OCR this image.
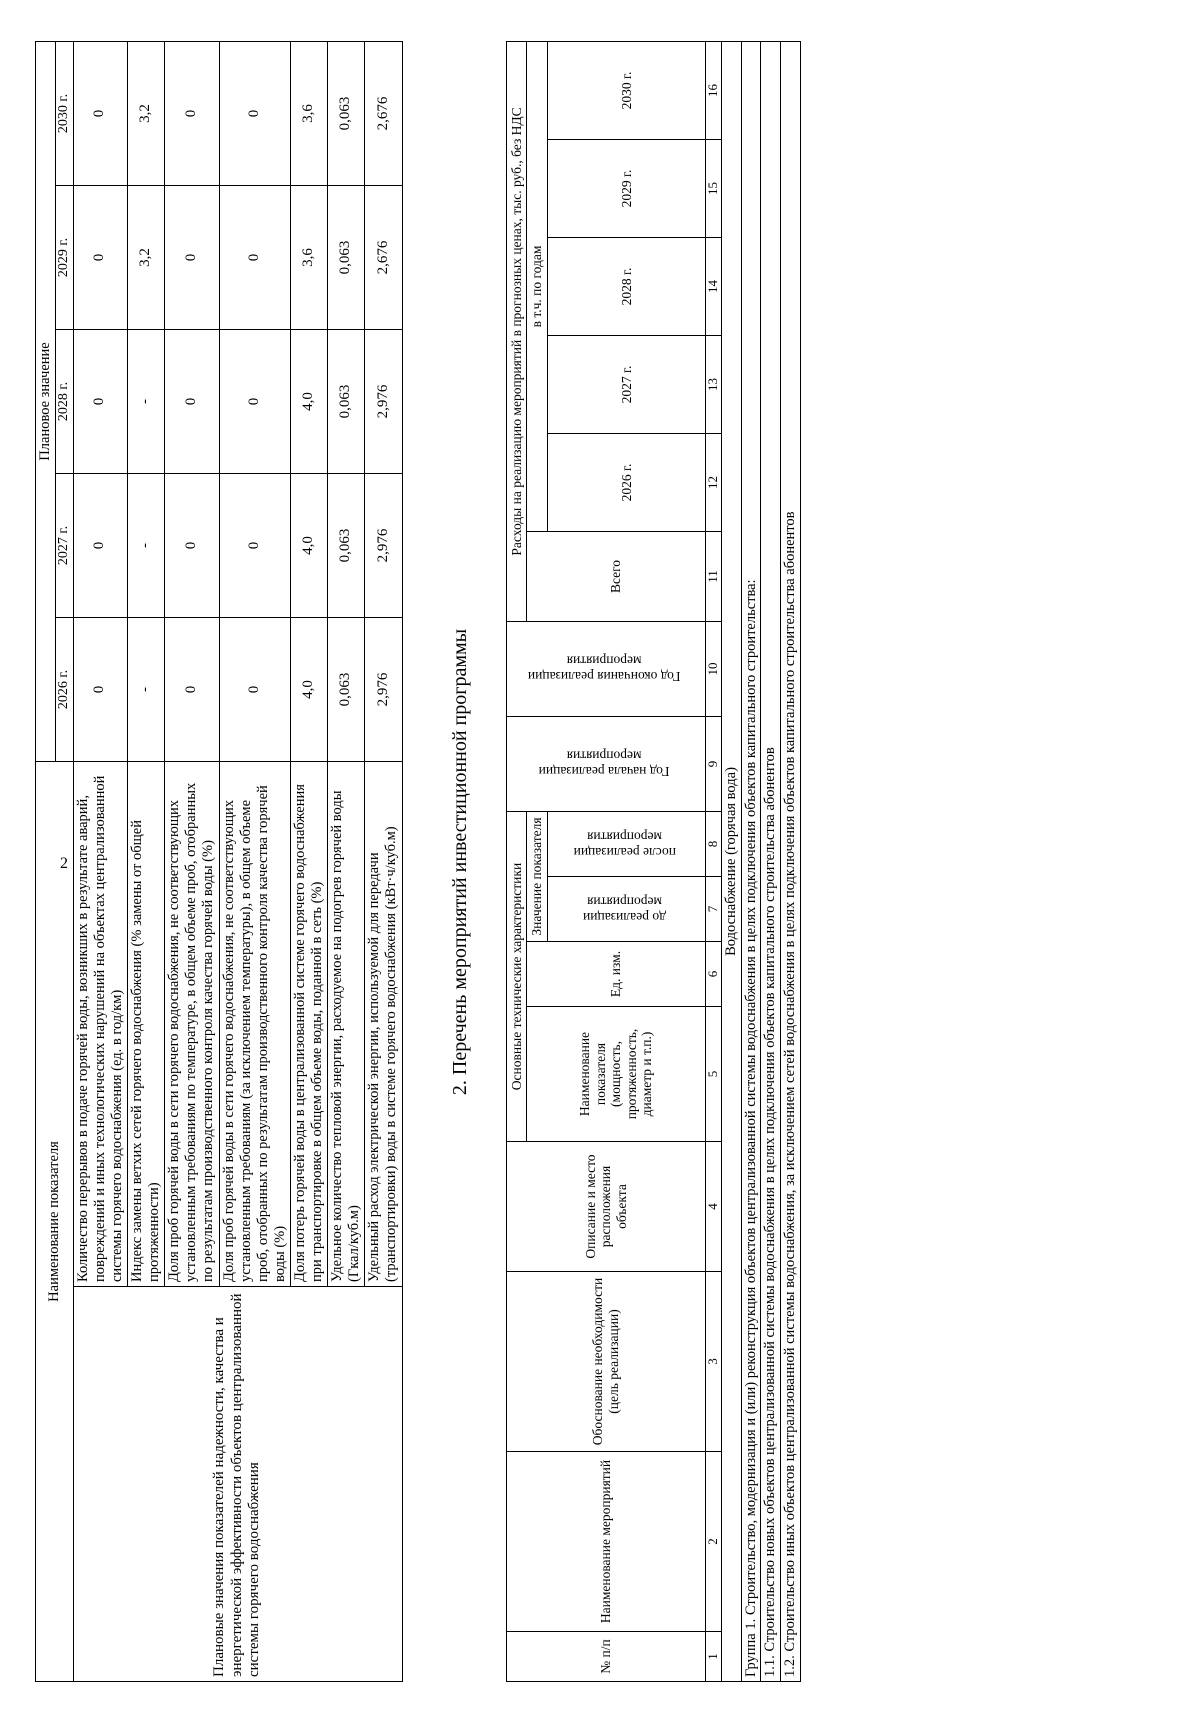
2
Наименование показателя		Плановое значение				
		2026 г.	2027 г.	2028 г.	2029 г.	2030 г.
Плановые значения показателей надежности, качества и энергетической эффективности объектов централизованной системы горячего водоснабжения	Количество перерывов в подаче горячей воды, возникших в результате аварий, повреждений и иных технологических нарушений на объектах централизованной системы горячего водоснабжения (ед. в год/км)	0	0	0	0	0
	Индекс замены ветхих сетей горячего водоснабжения (% замены от общей протяженности)	-	-	-	3,2	3,2
	Доля проб горячей воды в сети горячего водоснабжения, не соответствующих установленным требованиям по температуре, в общем объеме проб, отобранных по результатам производственного контроля качества горячей воды (%)	0	0	0	0	0
	Доля проб горячей воды в сети горячего водоснабжения, не соответствующих установленным требованиям (за исключением температуры), в общем объеме проб, отобранных по результатам производственного контроля качества горячей воды (%)	0	0	0	0	0
	Доля потерь горячей воды в централизованной системе горячего водоснабжения при транспортировке в общем объеме воды, поданной в сеть (%)	4,0	4,0	4,0	3,6	3,6
	Удельное количество тепловой энергии, расходуемое на подогрев горячей воды (Гкал/куб.м)	0,063	0,063	0,063	0,063	0,063
	Удельный расход электрической энергии, используемой для передачи (транспортировки) воды в системе горячего водоснабжения (кВт·ч/куб.м)	2,976	2,976	2,976	2,676	2,676
2. Перечень мероприятий инвестиционной программы
№ п/п	Наименование мероприятий	Обоснование необходимости (цель реализации)	Описание и место расположения объекта	Основные технические характеристики				Год начала реализации мероприятия	Год окончания реализации мероприятия	Расходы на реализацию мероприятий в прогнозных ценах, тыс. руб., без НДС					
				Наименование показателя (мощность, протяженность, диаметр и т.п.)	Ед. изм.	Значение показателя				Всего	в т.ч. по годам				
						до реализации мероприятия	после реализации мероприятия				2026 г.	2027 г.	2028 г.	2029 г.	2030 г.
1	2	3	4	5	6	7	8	9	10	11	12	13	14	15	16
Водоснабжение (горячая вода)															
Группа 1. Строительство, модернизация и (или) реконструкция объектов централизованной системы водоснабжения в целях подключения объектов капитального строительства:															
1.1. Строительство новых объектов централизованной системы водоснабжения в целях подключения объектов капитального строительства абонентов															
1.2. Строительство иных объектов централизованной системы водоснабжения, за исключением сетей водоснабжения в целях подключения объектов капитального строительства абонентов															
